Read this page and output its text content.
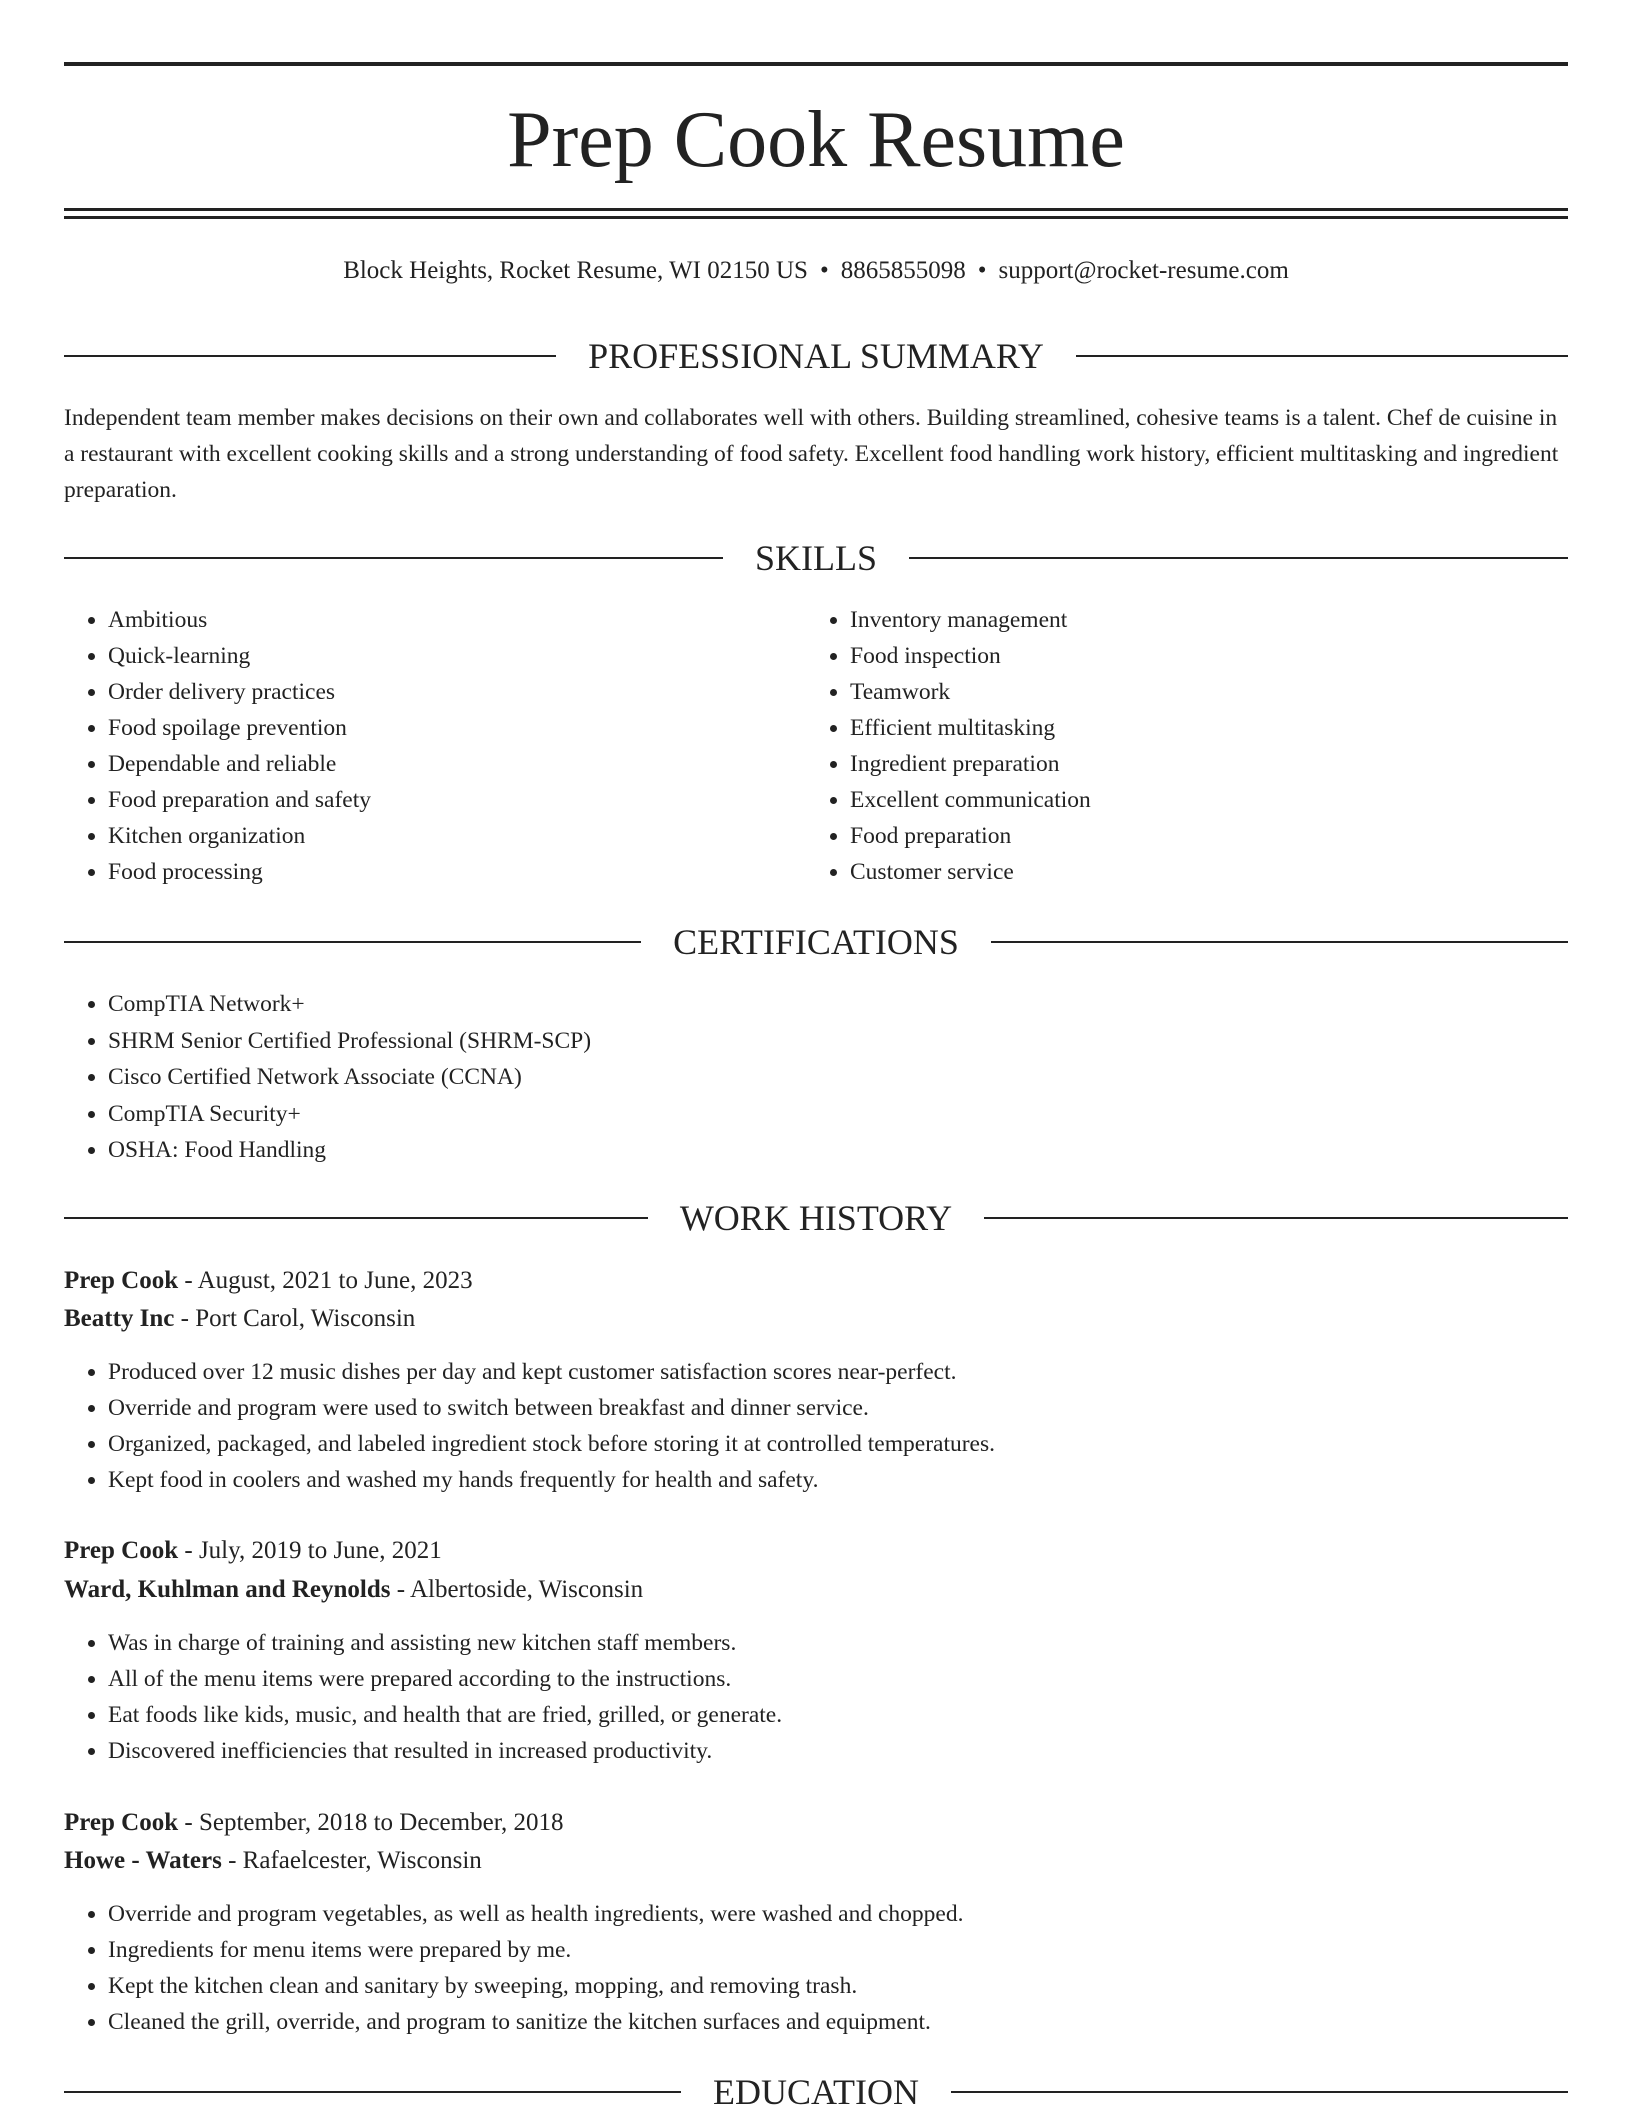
Prep Cook Resume
Block Heights, Rocket Resume, WI 02150 US • 8865855098 • support@rocket-resume.com
PROFESSIONAL SUMMARY

Independent team member makes decisions on their own and collaborates well with others. Building streamlined, cohesive teams is a talent. Chef de cuisine in a restaurant with excellent cooking skills and a strong understanding of food safety. Excellent food handling work history, efficient multitasking and ingredient preparation.

SKILLS
• Ambitious
• Quick-learning
• Order delivery practices
• Food spoilage prevention
• Dependable and reliable
• Food preparation and safety
• Kitchen organization
• Food processing
• Inventory management
• Food inspection
• Teamwork
• Efficient multitasking
• Ingredient preparation
• Excellent communication
• Food preparation
• Customer service
CERTIFICATIONS
• CompTIA Network+
• SHRM Senior Certified Professional (SHRM-SCP)
• Cisco Certified Network Associate (CCNA)
• CompTIA Security+
• OSHA: Food Handling
WORK HISTORY
Prep Cook - August, 2021 to June, 2023
Beatty Inc - Port Carol, Wisconsin
• Produced over 12 music dishes per day and kept customer satisfaction scores near-perfect.
• Override and program were used to switch between breakfast and dinner service.
• Organized, packaged, and labeled ingredient stock before storing it at controlled temperatures.
• Kept food in coolers and washed my hands frequently for health and safety.
Prep Cook - July, 2019 to June, 2021
Ward, Kuhlman and Reynolds - Albertoside, Wisconsin
• Was in charge of training and assisting new kitchen staff members.
• All of the menu items were prepared according to the instructions.
• Eat foods like kids, music, and health that are fried, grilled, or generate.
• Discovered inefficiencies that resulted in increased productivity.
Prep Cook - September, 2018 to December, 2018
Howe - Waters - Rafaelcester, Wisconsin
• Override and program vegetables, as well as health ingredients, were washed and chopped.
• Ingredients for menu items were prepared by me.
• Kept the kitchen clean and sanitary by sweeping, mopping, and removing trash.
• Cleaned the grill, override, and program to sanitize the kitchen surfaces and equipment.
EDUCATION
